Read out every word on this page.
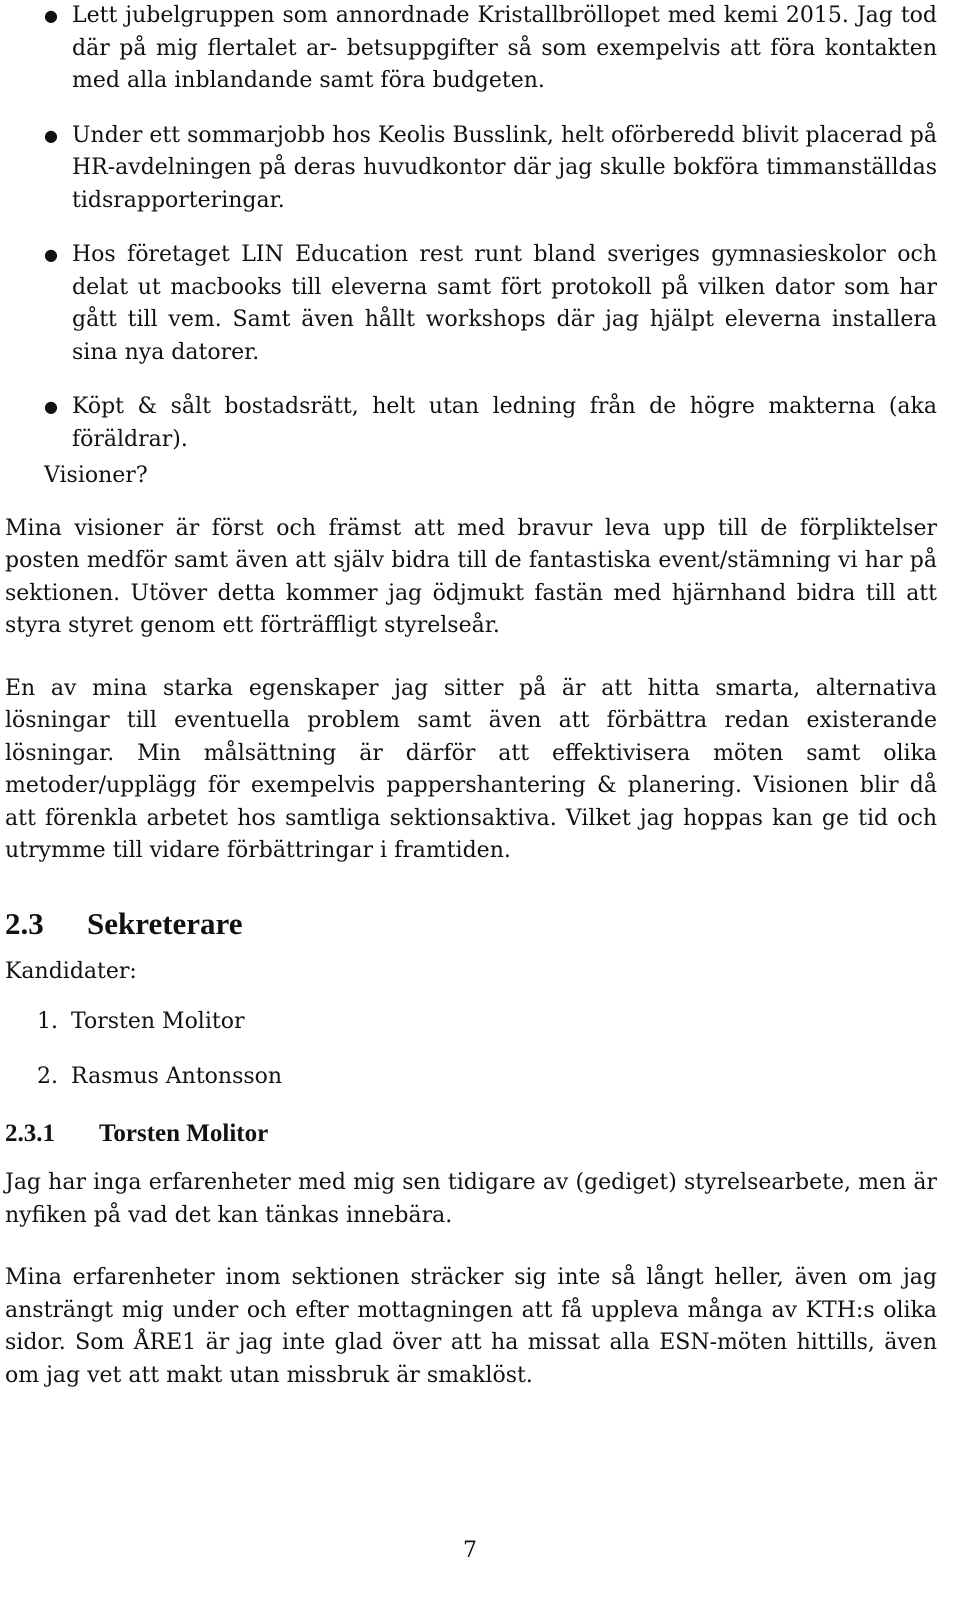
● Lett jubelgruppen som annordnade Kristallbröllopet med kemi 2015. Jag tod där på mig flertalet ar- betsuppgifter så som exempelvis att föra kontakten med alla inblandande samt föra budgeten.
● Under ett sommarjobb hos Keolis Busslink, helt oförberedd blivit placerad på HR-avdelningen på deras huvudkontor där jag skulle bokföra timmanställdas tidsrapporteringar.
● Hos företaget LIN Education rest runt bland sveriges gymnasieskolor och delat ut macbooks till eleverna samt fört protokoll på vilken dator som har gått till vem. Samt även hållt workshops där jag hjälpt eleverna installera sina nya datorer.
● Köpt & sålt bostadsrätt, helt utan ledning från de högre makterna (aka föräldrar).
Visioner?

Mina visioner är först och främst att med bravur leva upp till de förpliktelser posten medför samt även att själv bidra till de fantastiska event/stämning vi har på sektionen. Utöver detta kommer jag ödjmukt fastän med hjärnhand bidra till att styra styret genom ett förträffligt styrelseår.

En av mina starka egenskaper jag sitter på är att hitta smarta, alternativa lösningar till eventuella problem samt även att förbättra redan existerande lösningar. Min målsättning är därför att effektivisera möten samt olika metoder/upplägg för exempelvis pappershantering & planering. Visionen blir då att förenkla arbetet hos samtliga sektionsaktiva. Vilket jag hoppas kan ge tid och utrymme till vidare förbättringar i framtiden.

2.3 Sekreterare
Kandidater:
1. Torsten Molitor
2. Rasmus Antonsson
2.3.1 Torsten Molitor

Jag har inga erfarenheter med mig sen tidigare av (gediget) styrelsearbete, men är nyfiken på vad det kan tänkas innebära.

Mina erfarenheter inom sektionen sträcker sig inte så långt heller, även om jag ansträngt mig under och efter mottagningen att få uppleva många av KTH:s olika sidor. Som ÅRE1 är jag inte glad över att ha missat alla ESN-möten hittills, även om jag vet att makt utan missbruk är smaklöst.

7
